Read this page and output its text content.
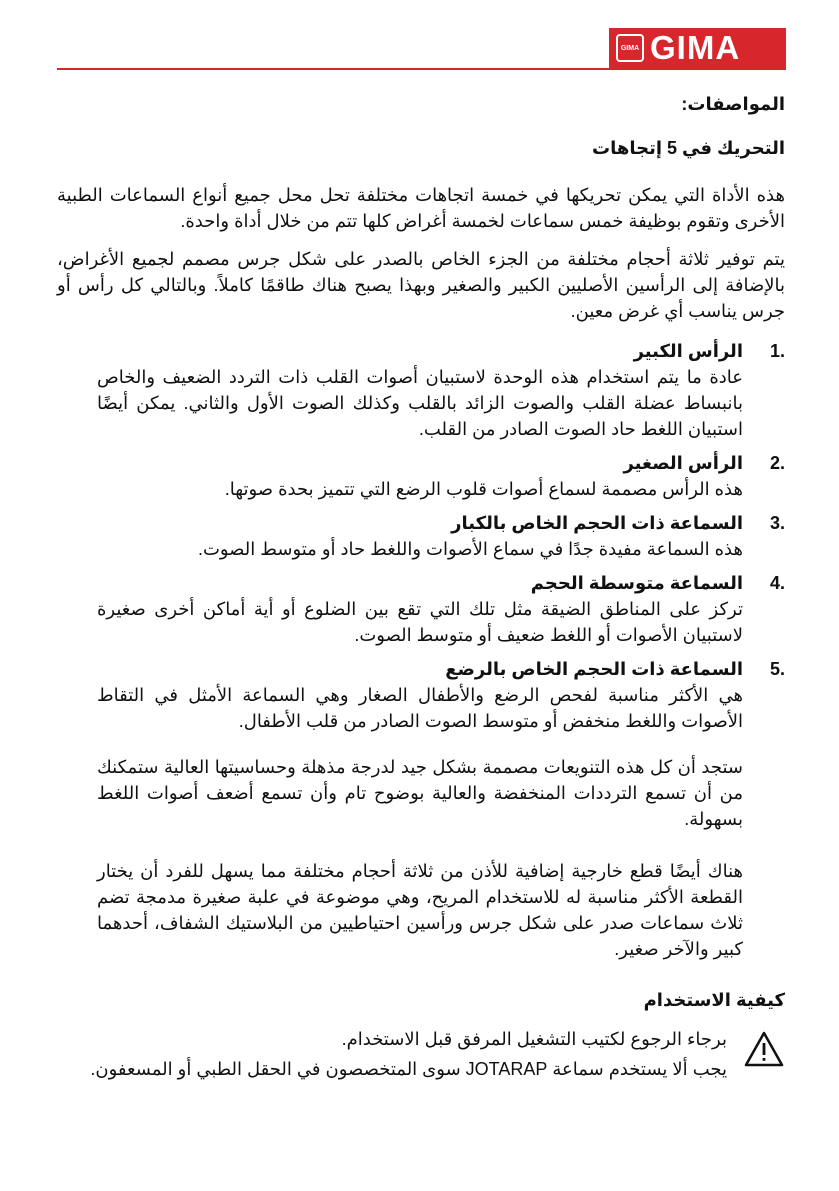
GIMA GIMA
المواصفات:
التحريك في 5 إتجاهات

هذه الأداة التي يمكن تحريكها في خمسة اتجاهات مختلفة تحل محل جميع أنواع السماعات الطبية الأخرى وتقوم بوظيفة خمس سماعات لخمسة أغراض كلها تتم من خلال أداة واحدة.

يتم توفير ثلاثة أحجام مختلفة من الجزء الخاص بالصدر على شكل جرس مصمم لجميع الأغراض، بالإضافة إلى الرأسين الأصليين الكبير والصغير وبهذا يصبح هناك طاقمًا كاملاً. وبالتالي كل رأس أو جرس يناسب أي غرض معين.

1.
الرأس الكبير
عادة ما يتم استخدام هذه الوحدة لاستبيان أصوات القلب ذات التردد الضعيف والخاص بانبساط عضلة القلب والصوت الزائد بالقلب وكذلك الصوت الأول والثاني. يمكن أيضًا استبيان اللغط حاد الصوت الصادر من القلب.
2.
الرأس الصغير
هذه الرأس مصممة لسماع أصوات قلوب الرضع التي تتميز بحدة صوتها.
3.
السماعة ذات الحجم الخاص بالكبار
هذه السماعة مفيدة جدًا في سماع الأصوات واللغط حاد أو متوسط الصوت.
4.
السماعة متوسطة الحجم
تركز على المناطق الضيقة مثل تلك التي تقع بين الضلوع أو أية أماكن أخرى صغيرة لاستبيان الأصوات أو اللغط ضعيف أو متوسط الصوت.
5.
السماعة ذات الحجم الخاص بالرضع
هي الأكثر مناسبة لفحص الرضع والأطفال الصغار وهي السماعة الأمثل في التقاط الأصوات واللغط منخفض أو متوسط الصوت الصادر من قلب الأطفال.
ستجد أن كل هذه التنويعات مصممة بشكل جيد لدرجة مذهلة وحساسيتها العالية ستمكنك من أن تسمع الترددات المنخفضة والعالية بوضوح تام وأن تسمع أضعف أصوات اللغط بسهولة.
هناك أيضًا قطع خارجية إضافية للأذن من ثلاثة أحجام مختلفة مما يسهل للفرد أن يختار القطعة الأكثر مناسبة له للاستخدام المريح، وهي موضوعة في علبة صغيرة مدمجة تضم ثلاث سماعات صدر على شكل جرس ورأسين احتياطيين من البلاستيك الشفاف، أحدهما كبير والآخر صغير.
كيفية الاستخدام
برجاء الرجوع لكتيب التشغيل المرفق قبل الاستخدام.
يجب ألا يستخدم سماعة JOTARAP سوى المتخصصون في الحقل الطبي أو المسعفون.
